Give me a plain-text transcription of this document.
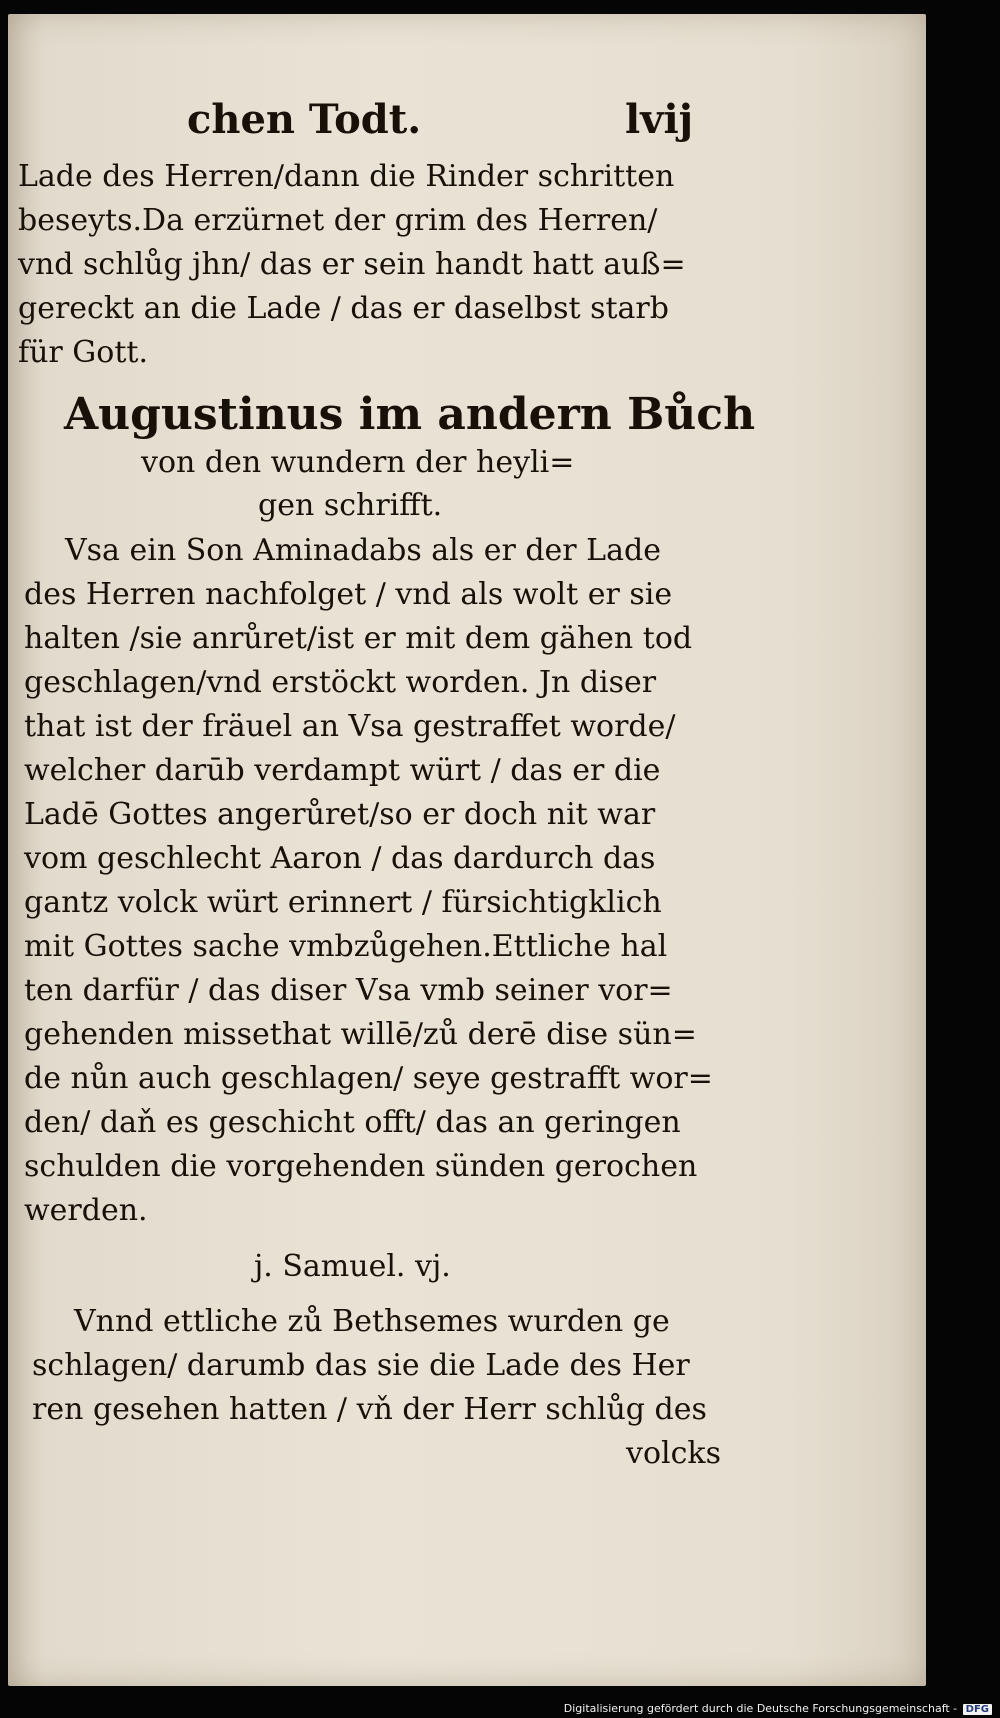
chen Todt.	lvij
Lade des Herren/dann die Rinder schritten
beseyts.Da erzürnet der grim des Herren/
vnd schlůg jhn/ das er sein handt hatt auß=
gereckt an die Lade / das er daselbst starb
für Gott.
Augustinus im andern Bůch
von den wundern der heyli=
gen schrifft.
Vsa ein Son Aminadabs als er der Lade
des Herren nachfolget / vnd als wolt er sie
halten /sie anrůret/ist er mit dem gähen tod
geschlagen/vnd erstöckt worden. Jn diser
that ist der fräuel an Vsa gestraffet worde/
welcher darūb verdampt würt / das er die
Ladē Gottes angerůret/so er doch nit war
vom geschlecht Aaron / das dardurch das
gantz volck würt erinnert / fürsichtigklich
mit Gottes sache vmbzůgehen.Ettliche hal
ten darfür / das diser Vsa vmb seiner vor=
gehenden missethat willē/zů derē dise sün=
de nůn auch geschlagen/ seye gestrafft wor=
den/ daň es geschicht offt/ das an geringen
schulden die vorgehenden sünden gerochen
werden.
j. Samuel. vj.
Vnnd ettliche zů Bethsemes wurden ge
schlagen/ darumb das sie die Lade des Her
ren gesehen hatten / vň der Herr schlůg des
volcks
Digitalisierung gefördert durch die Deutsche Forschungsgemeinschaft - DFG
